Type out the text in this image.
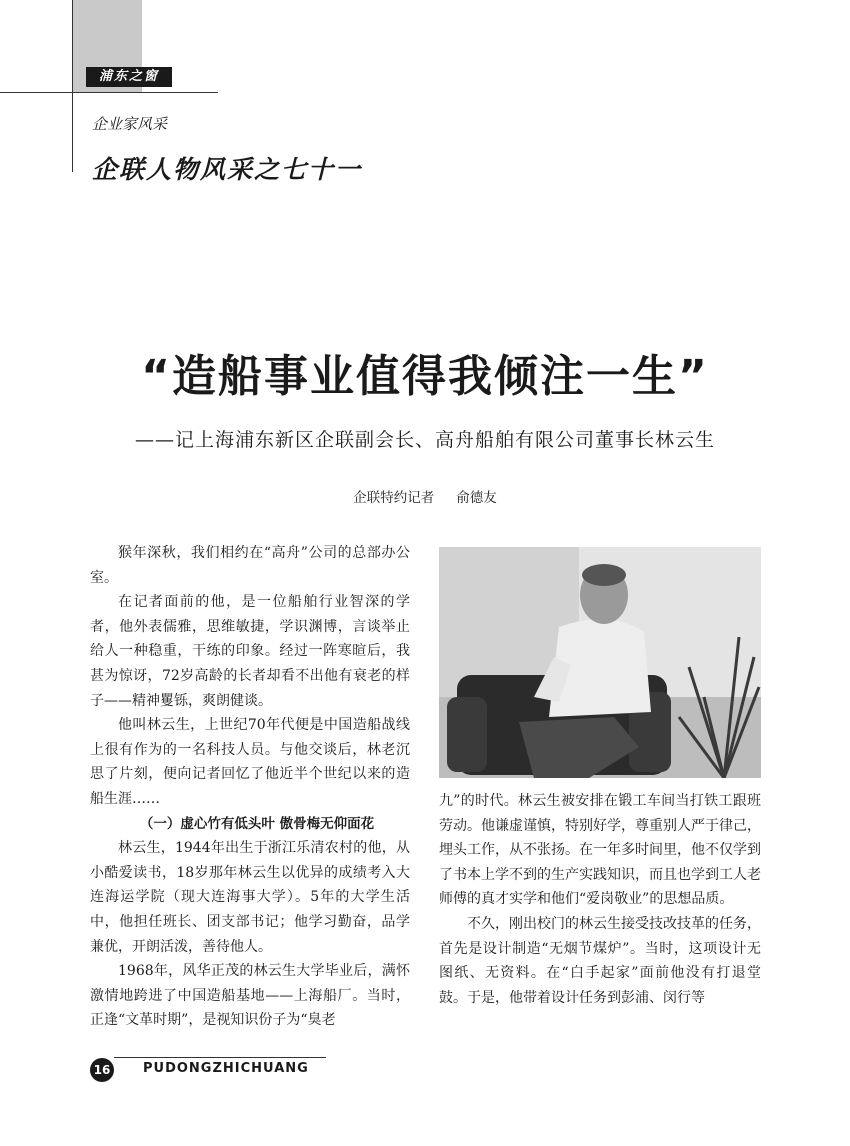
浦东之窗
企业家风采
企联人物风采之七十一
“造船事业值得我倾注一生”
——记上海浦东新区企联副会长、高舟船舶有限公司董事长林云生
企联特约记者 俞德友

猴年深秋，我们相约在“高舟”公司的总部办公室。

在记者面前的他，是一位船舶行业智深的学者，他外表儒雅，思维敏捷，学识渊博，言谈举止给人一种稳重，干练的印象。经过一阵寒暄后，我甚为惊讶，72岁高龄的长者却看不出他有衰老的样子——精神矍铄，爽朗健谈。

他叫林云生，上世纪70年代便是中国造船战线上很有作为的一名科技人员。与他交谈后，林老沉思了片刻，便向记者回忆了他近半个世纪以来的造船生涯……

（一）虚心竹有低头叶 傲骨梅无仰面花

林云生，1944年出生于浙江乐清农村的他，从小酷爱读书，18岁那年林云生以优异的成绩考入大连海运学院（现大连海事大学）。5年的大学生活中，他担任班长、团支部书记；他学习勤奋，品学兼优，开朗活泼，善待他人。

1968年，风华正茂的林云生大学毕业后，满怀激情地跨进了中国造船基地——上海船厂。当时，正逢“文革时期”，是视知识份子为“臭老

九”的时代。林云生被安排在锻工车间当打铁工跟班劳动。他谦虚谨慎，特别好学，尊重别人严于律己，埋头工作，从不张扬。在一年多时间里，他不仅学到了书本上学不到的生产实践知识，而且也学到工人老师傅的真才实学和他们“爱岗敬业”的思想品质。

不久，刚出校门的林云生接受技改技革的任务，首先是设计制造“无烟节煤炉”。当时，这项设计无图纸、无资料。在“白手起家”面前他没有打退堂鼓。于是，他带着设计任务到彭浦、闵行等

16	PUDONGZHICHUANG
